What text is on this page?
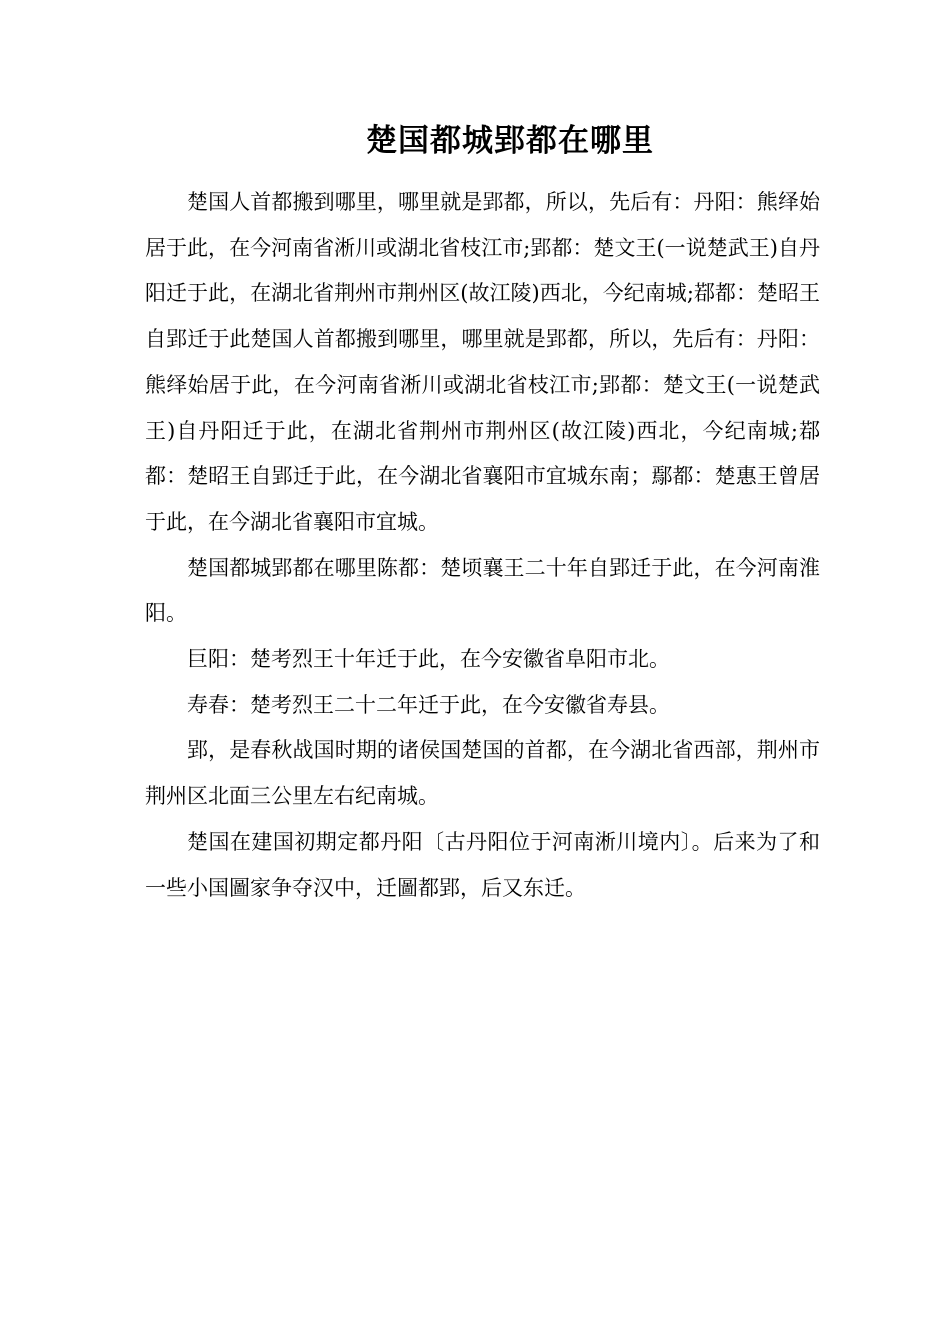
楚国都城郢都在哪里

楚国人首都搬到哪里，哪里就是郢都，所以，先后有：丹阳：熊绎始居于此，在今河南省淅川或湖北省枝江市;郢都：楚文王(一说楚武王)自丹阳迁于此，在湖北省荆州市荆州区(故江陵)西北，今纪南城;鄀都：楚昭王自郢迁于此楚国人首都搬到哪里，哪里就是郢都，所以，先后有：丹阳：熊绎始居于此，在今河南省淅川或湖北省枝江市;郢都：楚文王(一说楚武王)自丹阳迁于此，在湖北省荆州市荆州区(故江陵)西北，今纪南城;鄀都：楚昭王自郢迁于此，在今湖北省襄阳市宜城东南；鄢都：楚惠王曾居于此，在今湖北省襄阳市宜城。

楚国都城郢都在哪里陈都：楚顷襄王二十年自郢迁于此，在今河南淮阳。

巨阳：楚考烈王十年迁于此，在今安徽省阜阳市北。

寿春：楚考烈王二十二年迁于此，在今安徽省寿县。

郢，是春秋战国时期的诸侯国楚国的首都，在今湖北省西部，荆州市荆州区北面三公里左右纪南城。

楚国在建国初期定都丹阳〔古丹阳位于河南淅川境内〕。后来为了和一些小国圖家争夺汉中，迁圖都郢，后又东迁。
